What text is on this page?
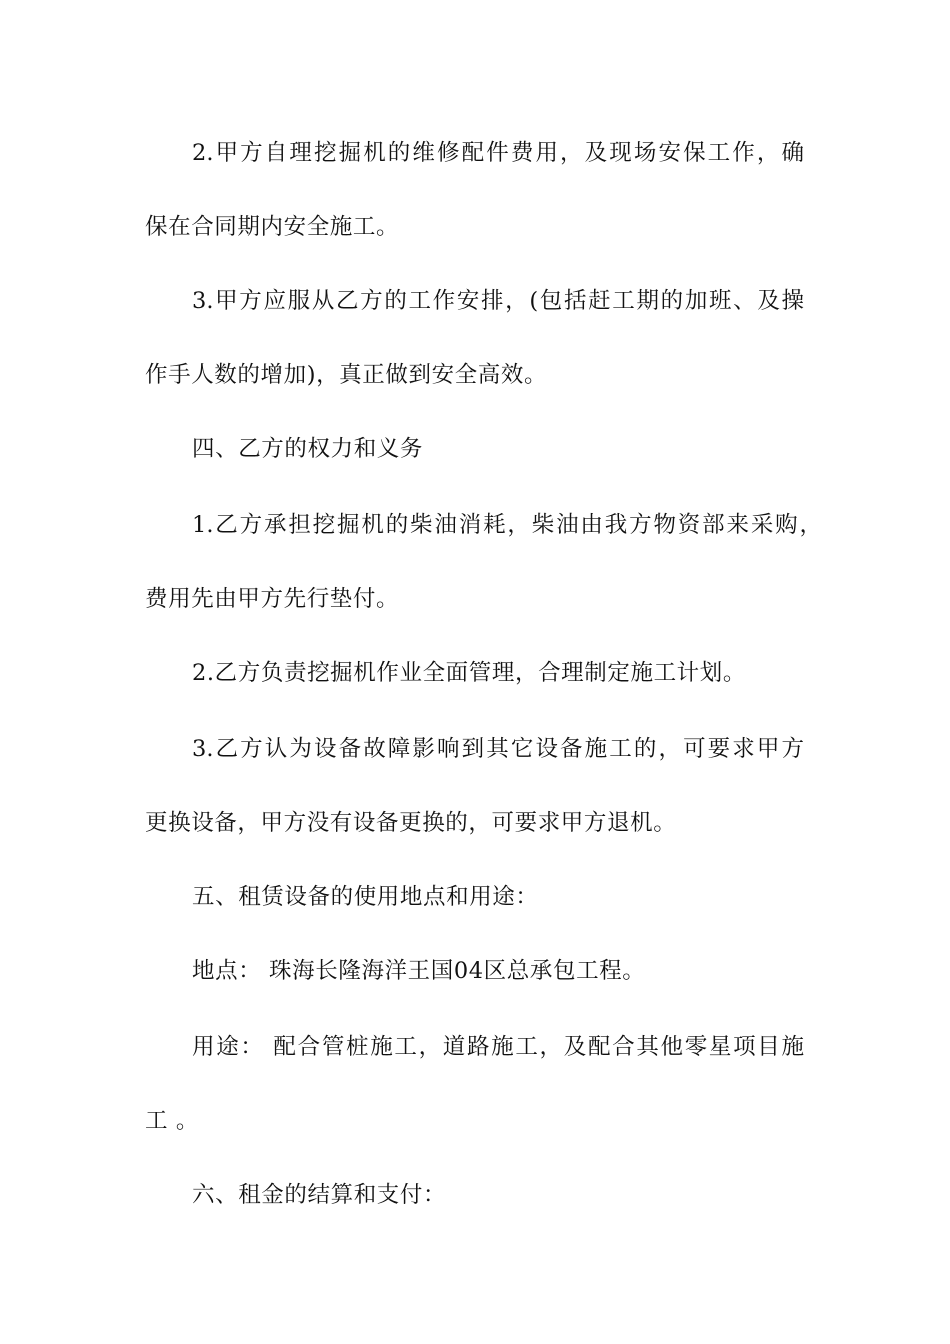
2.甲方自理挖掘机的维修配件费用，及现场安保工作，确
保在合同期内安全施工。
3.甲方应服从乙方的工作安排，(包括赶工期的加班、及操
作手人数的增加)，真正做到安全高效。
四、乙方的权力和义务
1.乙方承担挖掘机的柴油消耗，柴油由我方物资部来采购，
费用先由甲方先行垫付。
2.乙方负责挖掘机作业全面管理，合理制定施工计划。
3.乙方认为设备故障影响到其它设备施工的，可要求甲方
更换设备，甲方没有设备更换的，可要求甲方退机。
五、租赁设备的使用地点和用途：
地点： 珠海长隆海洋王国04区总承包工程。
用途： 配合管桩施工，道路施工，及配合其他零星项目施
工 。
六、租金的结算和支付：
